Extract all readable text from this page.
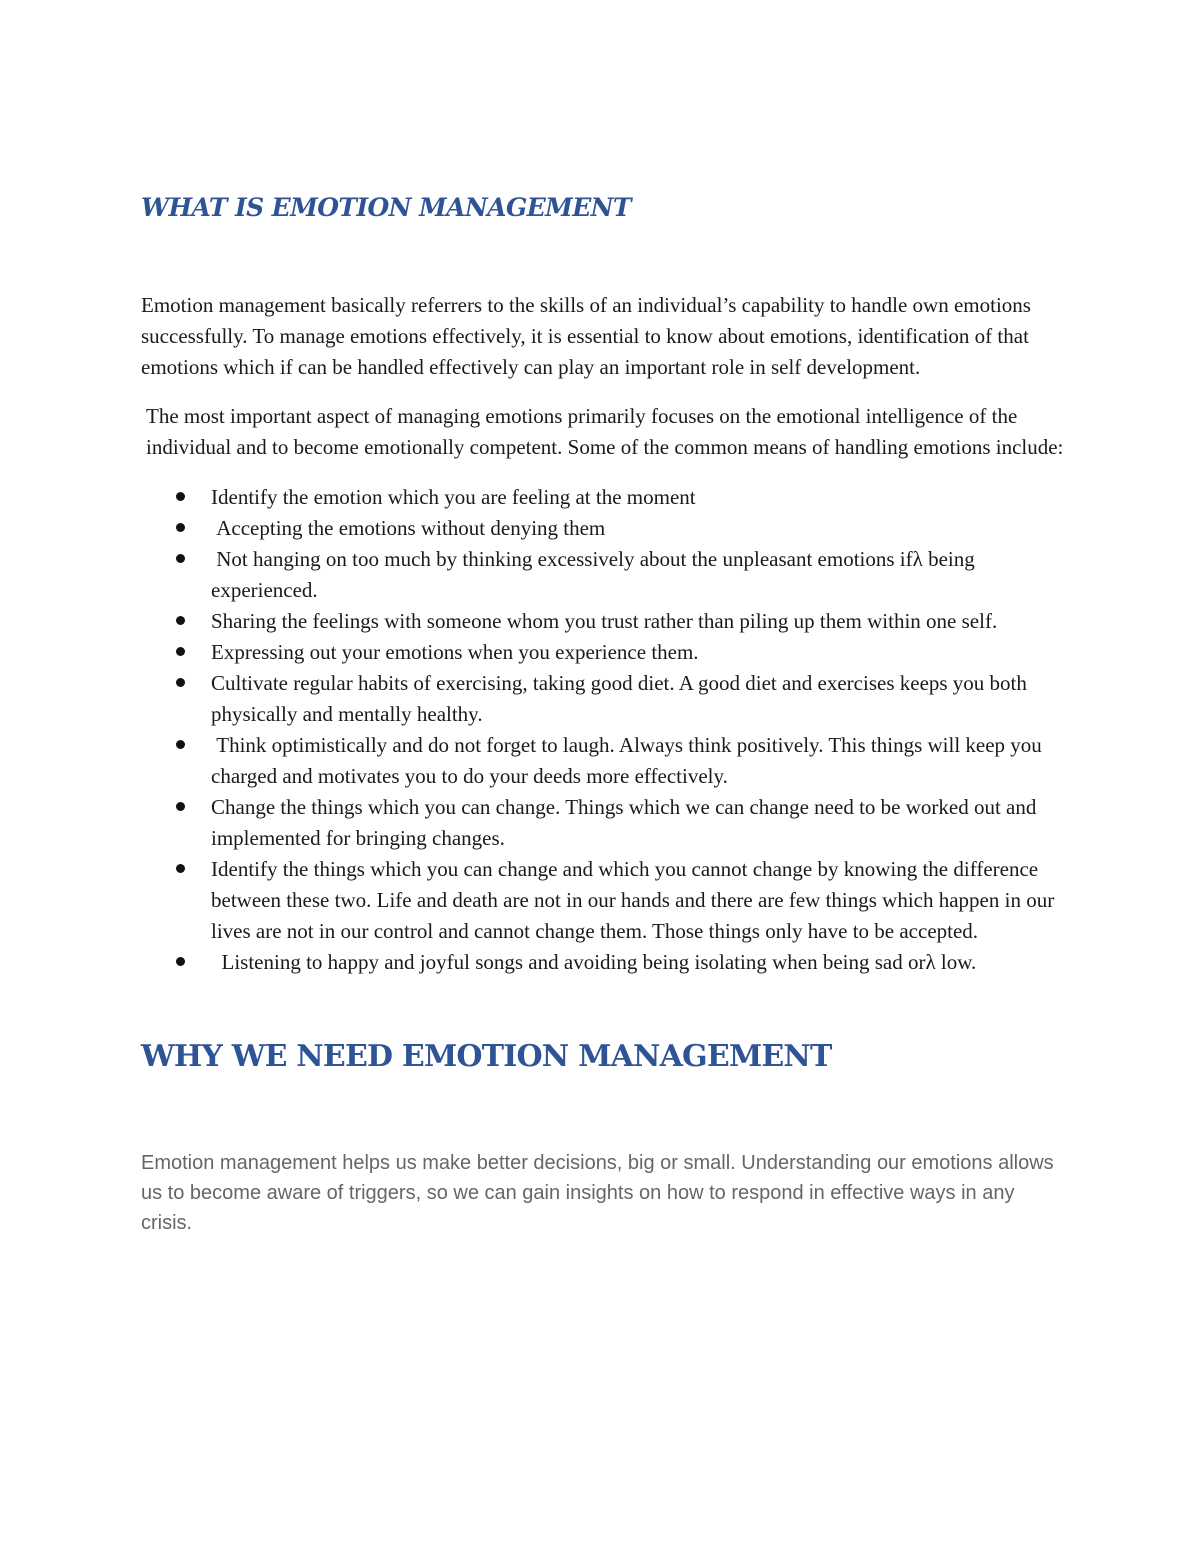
WHAT IS EMOTION MANAGEMENT

Emotion management basically referrers to the skills of an individual’s capability to handle own emotions successfully. To manage emotions effectively, it is essential to know about emotions, identification of that emotions which if can be handled effectively can play an important role in self development.

The most important aspect of managing emotions primarily focuses on the emotional intelligence of the individual and to become emotionally competent. Some of the common means of handling emotions include:

Identify the emotion which you are feeling at the moment
Accepting the emotions without denying them
Not hanging on too much by thinking excessively about the unpleasant emotions ifλ being experienced.
Sharing the feelings with someone whom you trust rather than piling up them within one self.
Expressing out your emotions when you experience them.
Cultivate regular habits of exercising, taking good diet. A good diet and exercises keeps you both physically and mentally healthy.
Think optimistically and do not forget to laugh. Always think positively. This things will keep you charged and motivates you to do your deeds more effectively.
Change the things which you can change. Things which we can change need to be worked out and implemented for bringing changes.
Identify the things which you can change and which you cannot change by knowing the difference between these two. Life and death are not in our hands and there are few things which happen in our lives are not in our control and cannot change them. Those things only have to be accepted.
Listening to happy and joyful songs and avoiding being isolating when being sad orλ low.
WHY WE NEED EMOTION MANAGEMENT

Emotion management helps us make better decisions, big or small. Understanding our emotions allows us to become aware of triggers, so we can gain insights on how to respond in effective ways in any crisis.
